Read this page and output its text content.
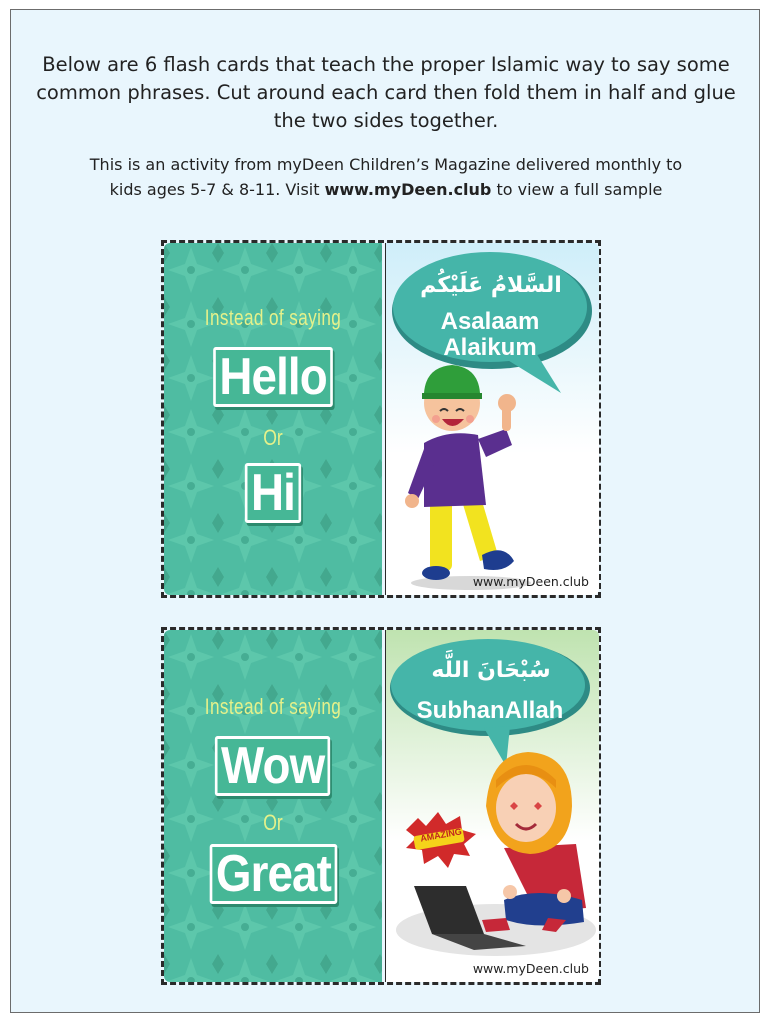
Below are 6 flash cards that teach the proper Islamic way to say some
common phrases. Cut around each card then fold them in half and glue
the two sides together.
This is an activity from myDeen Children’s Magazine delivered monthly to
kids ages 5-7 & 8-11. Visit www.myDeen.club to view a full sample
Instead of saying
Hello
Or
Hi
السَّلامُ عَلَيْكُم
Asalaam
Alaikum
www.myDeen.club
Instead of saying
Wow
Or
Great
سُبْحَانَ اللَّه
SubhanAllah
AMAZING
www.myDeen.club
